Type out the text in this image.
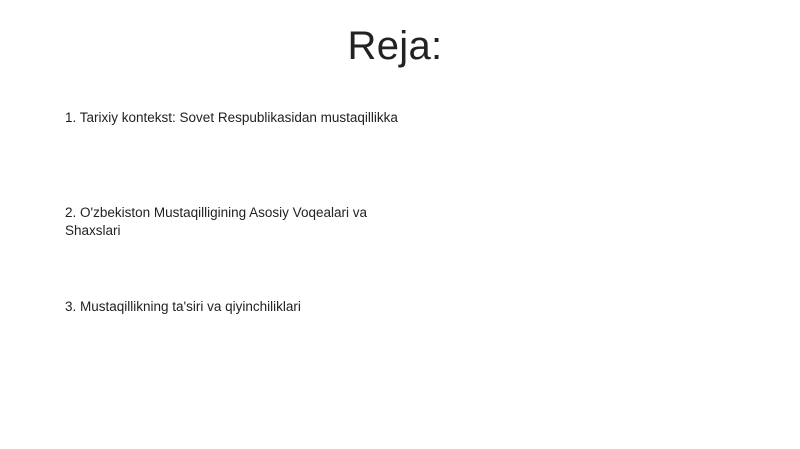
Reja:
1. Tarixiy kontekst: Sovet Respublikasidan mustaqillikka
2. O'zbekiston Mustaqilligining Asosiy Voqealari va Shaxslari
3. Mustaqillikning ta'siri va qiyinchiliklari
